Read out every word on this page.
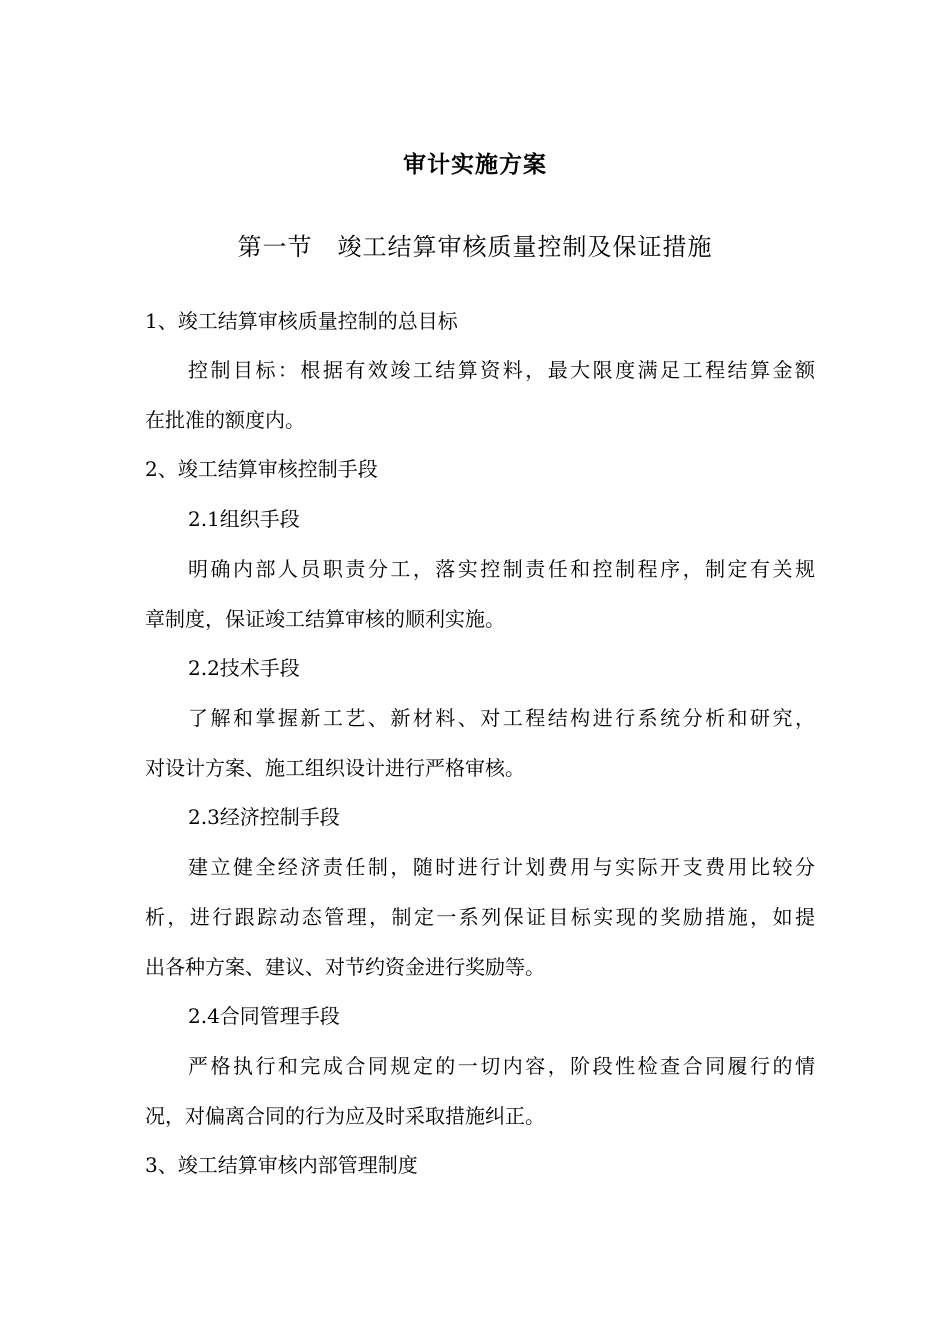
审计实施方案
第一节　竣工结算审核质量控制及保证措施
1、竣工结算审核质量控制的总目标
控制目标：根据有效竣工结算资料，最大限度满足工程结算金额
在批准的额度内。
2、竣工结算审核控制手段
2.1组织手段
明确内部人员职责分工，落实控制责任和控制程序，制定有关规
章制度，保证竣工结算审核的顺利实施。
2.2技术手段
了解和掌握新工艺、新材料、对工程结构进行系统分析和研究，
对设计方案、施工组织设计进行严格审核。
2.3经济控制手段
建立健全经济责任制，随时进行计划费用与实际开支费用比较分
析，进行跟踪动态管理，制定一系列保证目标实现的奖励措施，如提
出各种方案、建议、对节约资金进行奖励等。
2.4合同管理手段
严格执行和完成合同规定的一切内容，阶段性检查合同履行的情
况，对偏离合同的行为应及时采取措施纠正。
3、竣工结算审核内部管理制度
